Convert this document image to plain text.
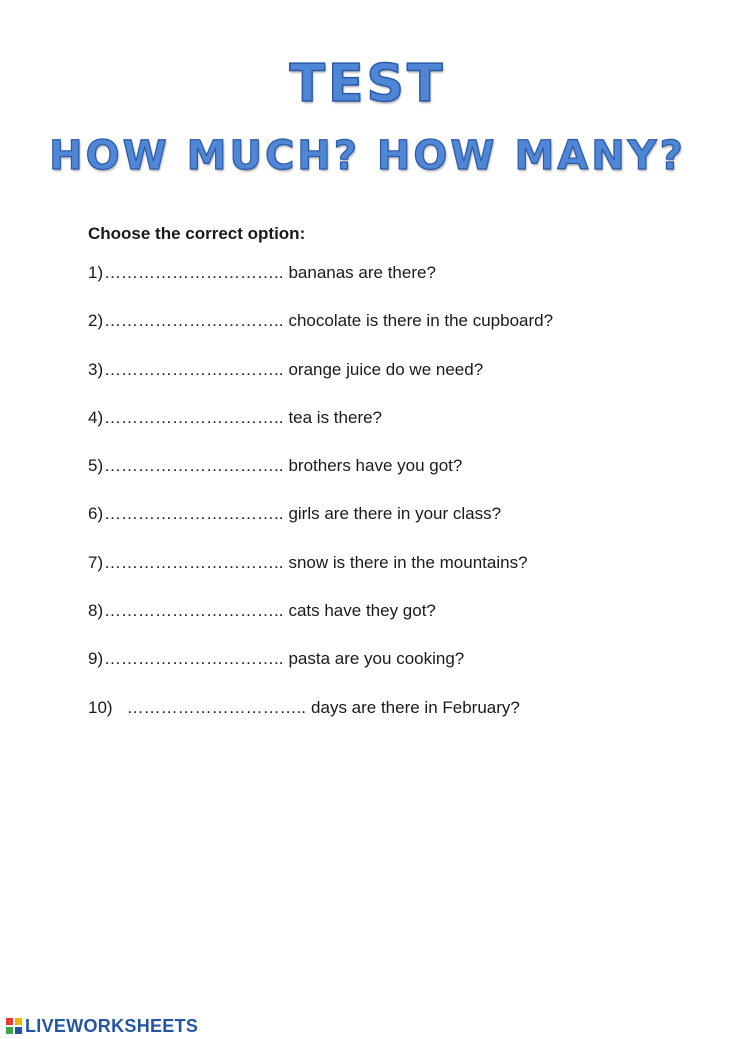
TEST
HOW MUCH? HOW MANY?
Choose the correct option:
1) ………………………….. bananas are there?
2) ………………………….. chocolate is there in the cupboard?
3) ………………………….. orange juice do we need?
4) ………………………….. tea is there?
5) ………………………….. brothers have you got?
6) ………………………….. girls are there in your class?
7) ………………………….. snow is there in the mountains?
8) ………………………….. cats have they got?
9) ………………………….. pasta are you cooking?
10) ………………………….. days are there in February?
LIVEWORKSHEETS
